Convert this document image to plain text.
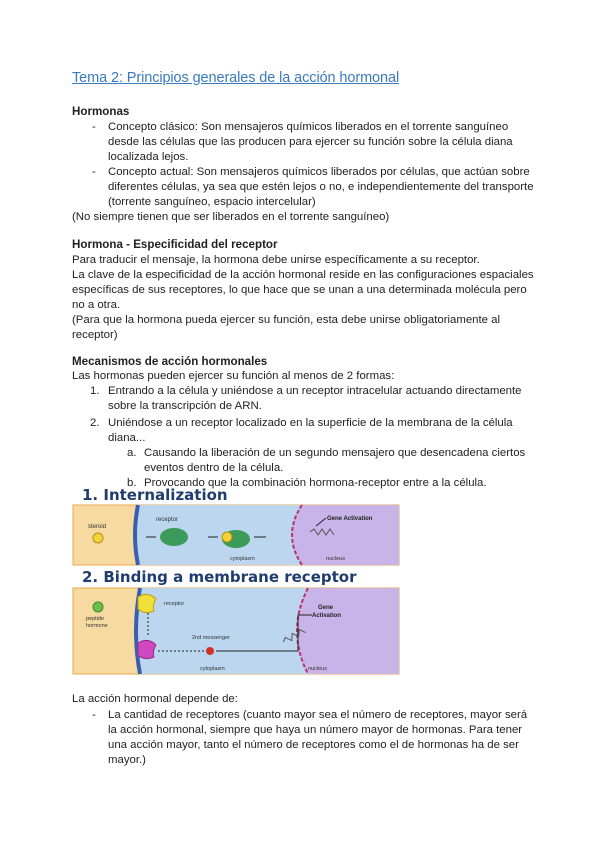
Tema 2: Principios generales de la acción hormonal
Hormonas
- Concepto clásico: Son mensajeros químicos liberados en el torrente sanguíneo
desde las células que las producen para ejercer su función sobre la célula diana
localizada lejos.
- Concepto actual: Son mensajeros químicos liberados por células, que actúan sobre
diferentes células, ya sea que estén lejos o no, e independientemente del transporte
(torrente sanguíneo, espacio intercelular)
(No siempre tienen que ser liberados en el torrente sanguíneo)
Hormona - Especificidad del receptor
Para traducir el mensaje, la hormona debe unirse específicamente a su receptor.
La clave de la especificidad de la acción hormonal reside en las configuraciones espaciales
específicas de sus receptores, lo que hace que se unan a una determinada molécula pero
no a otra.
(Para que la hormona pueda ejercer su función, esta debe unirse obligatoriamente al
receptor)
Mecanismos de acción hormonales
Las hormonas pueden ejercer su función al menos de 2 formas:
1. Entrando a la célula y uniéndose a un receptor intracelular actuando directamente
sobre la transcripción de ARN.
2. Uniéndose a un receptor localizado en la superficie de la membrana de la célula
diana...
a. Causando la liberación de un segundo mensajero que desencadena ciertos
eventos dentro de la célula.
b. Provocando que la combinación hormona-receptor entre a la célula.
1. Internalization
steroid
receptor	Gene Activation
cytoplasm	nucleus
2. Binding a membrane receptor
peptide
hormone
receptor
2nd messenger
Gene
Activation
cytoplasm	nucleus
La acción hormonal depende de:
- La cantidad de receptores (cuanto mayor sea el número de receptores, mayor será
la acción hormonal, siempre que haya un número mayor de hormonas. Para tener
una acción mayor, tanto el número de receptores como el de hormonas ha de ser
mayor.)
